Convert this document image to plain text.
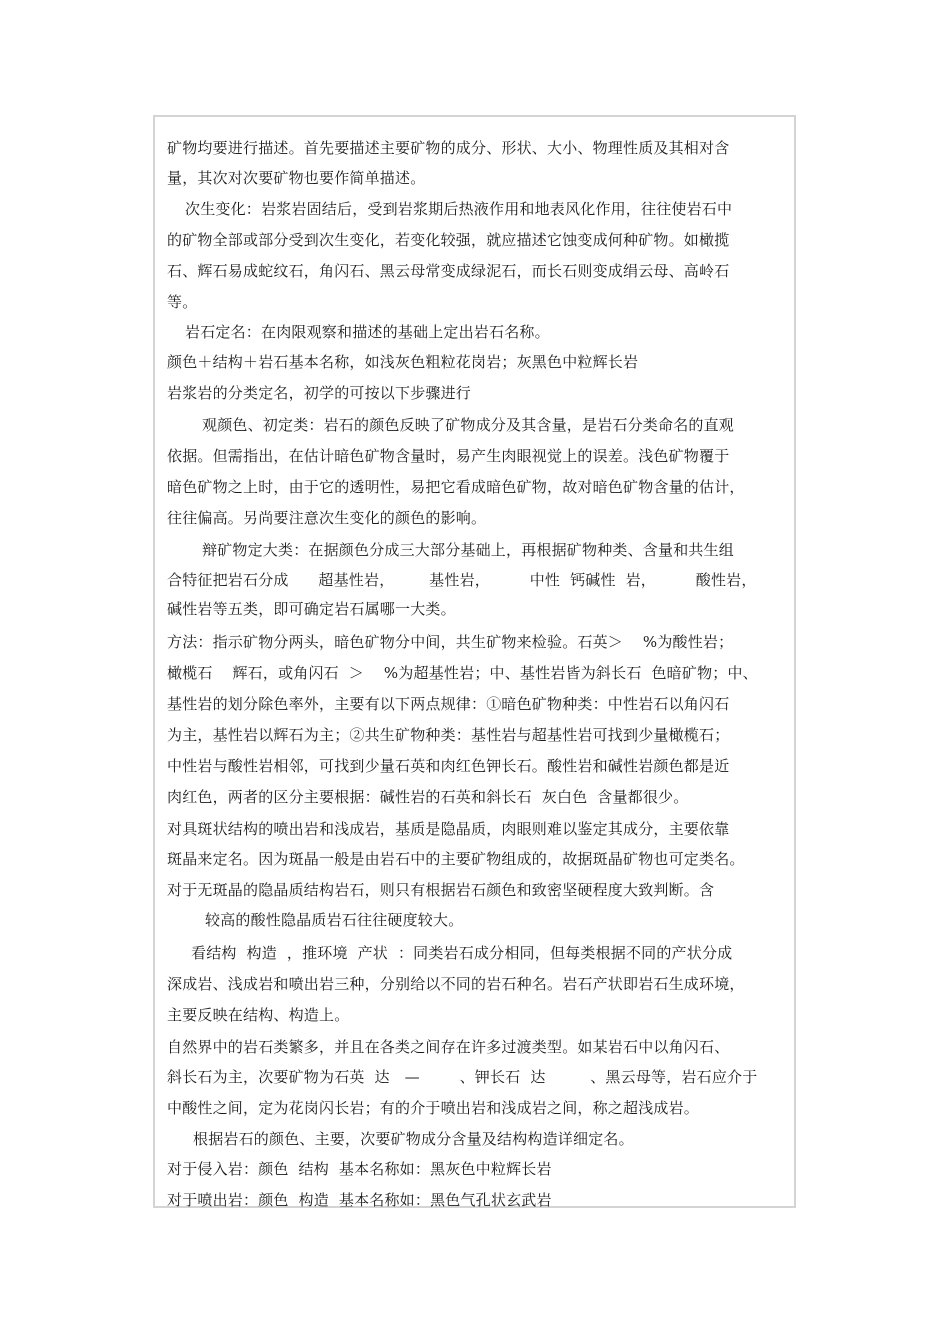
矿物均要进行描述。首先要描述主要矿物的成分、形状、大小、物理性质及其相对含
量，其次对次要矿物也要作简单描述。
次生变化：岩浆岩固结后，受到岩浆期后热液作用和地表风化作用，往往使岩石中
的矿物全部或部分受到次生变化，若变化较强，就应描述它蚀变成何种矿物。如橄揽
石、辉石易成蛇纹石，角闪石、黑云母常变成绿泥石，而长石则变成绢云母、高岭石
等。
岩石定名：在肉限观察和描述的基础上定出岩石名称。
颜色＋结构＋岩石基本名称，如浅灰色粗粒花岗岩；灰黑色中粒辉长岩
岩浆岩的分类定名，初学的可按以下步骤进行
观颜色、初定类：岩石的颜色反映了矿物成分及其含量，是岩石分类命名的直观
依据。但需指出，在估计暗色矿物含量时，易产生肉眼视觉上的误差。浅色矿物覆于
暗色矿物之上时，由于它的透明性，易把它看成暗色矿物，故对暗色矿物含量的估计，
往往偏高。另尚要注意次生变化的颜色的影响。
辩矿物定大类：在据颜色分成三大部分基础上，再根据矿物种类、含量和共生组
合特征把岩石分成      超基性岩，       基性岩，        中性  钙碱性  岩，        酸性岩，
碱性岩等五类，即可确定岩石属哪一大类。
方法：指示矿物分两头，暗色矿物分中间，共生矿物来检验。石英＞    %为酸性岩；
橄榄石    辉石，或角闪石  ＞    %为超基性岩；中、基性岩皆为斜长石  色暗矿物；中、
基性岩的划分除色率外，主要有以下两点规律：①暗色矿物种类：中性岩石以角闪石
为主，基性岩以辉石为主；②共生矿物种类：基性岩与超基性岩可找到少量橄榄石；
中性岩与酸性岩相邻，可找到少量石英和肉红色钾长石。酸性岩和碱性岩颜色都是近
肉红色，两者的区分主要根据：碱性岩的石英和斜长石  灰白色  含量都很少。
对具斑状结构的喷出岩和浅成岩，基质是隐晶质，肉眼则难以鉴定其成分，主要依靠
斑晶来定名。因为斑晶一般是由岩石中的主要矿物组成的，故据斑晶矿物也可定类名。
对于无斑晶的隐晶质结构岩石，则只有根据岩石颜色和致密坚硬程度大致判断。含
较高的酸性隐晶质岩石往往硬度较大。
看结构  构造  ，推环境  产状  ：同类岩石成分相同，但每类根据不同的产状分成
深成岩、浅成岩和喷出岩三种，分别给以不同的岩石种名。岩石产状即岩石生成环境，
主要反映在结构、构造上。
自然界中的岩石类繁多，并且在各类之间存在许多过渡类型。如某岩石中以角闪石、
斜长石为主，次要矿物为石英  达   —        、钾长石  达         、黑云母等，岩石应介于
中酸性之间，定为花岗闪长岩；有的介于喷出岩和浅成岩之间，称之超浅成岩。
根据岩石的颜色、主要，次要矿物成分含量及结构构造详细定名。
对于侵入岩：颜色  结构  基本名称如：黑灰色中粒辉长岩
对于喷出岩：颜色  构造  基本名称如：黑色气孔状玄武岩
